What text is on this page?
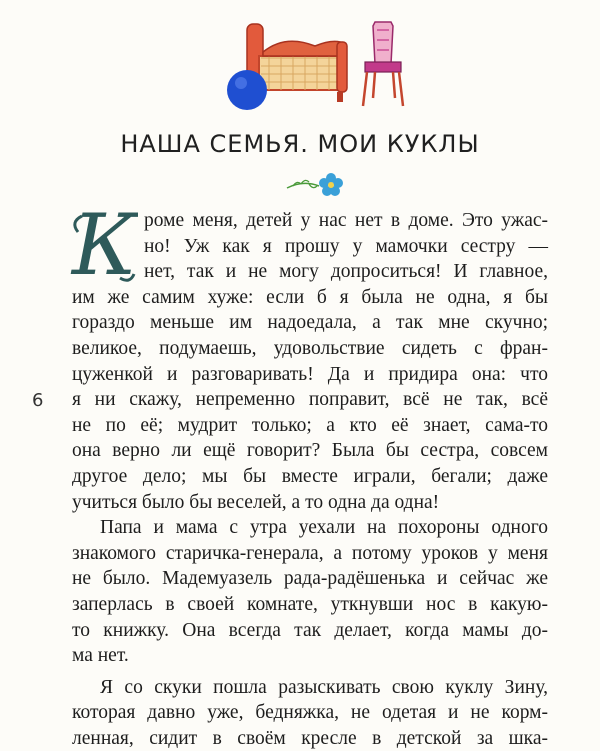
НАША СЕМЬЯ. МОИ КУКЛЫ
6
К роме меня, детей у нас нет в доме. Это ужас-
но! Уж как я прошу у мамочки сестру —
нет, так и не могу допроситься! И главное,
им же самим хуже: если б я была не одна, я бы
гораздо меньше им надоедала, а так мне скучно;
великое, подумаешь, удовольствие сидеть с фран-
цуженкой и разговаривать! Да и придира она: что
я ни скажу, непременно поправит, всё не так, всё
не по её; мудрит только; а кто её знает, сама-то
она верно ли ещё говорит? Была бы сестра, совсем
другое дело; мы бы вместе играли, бегали; даже
учиться было бы веселей, а то одна да одна!
Папа и мама с утра уехали на похороны одного
знакомого старичка-генерала, а потому уроков у меня
не было. Мадемуазель рада-радёшенька и сейчас же
заперлась в своей комнате, уткнувши нос в какую-
то книжку. Она всегда так делает, когда мамы до-
ма нет.
Я со скуки пошла разыскивать свою куклу Зину,
которая давно уже, бедняжка, не одетая и не корм-
ленная, сидит в своём кресле в детской за шка-
